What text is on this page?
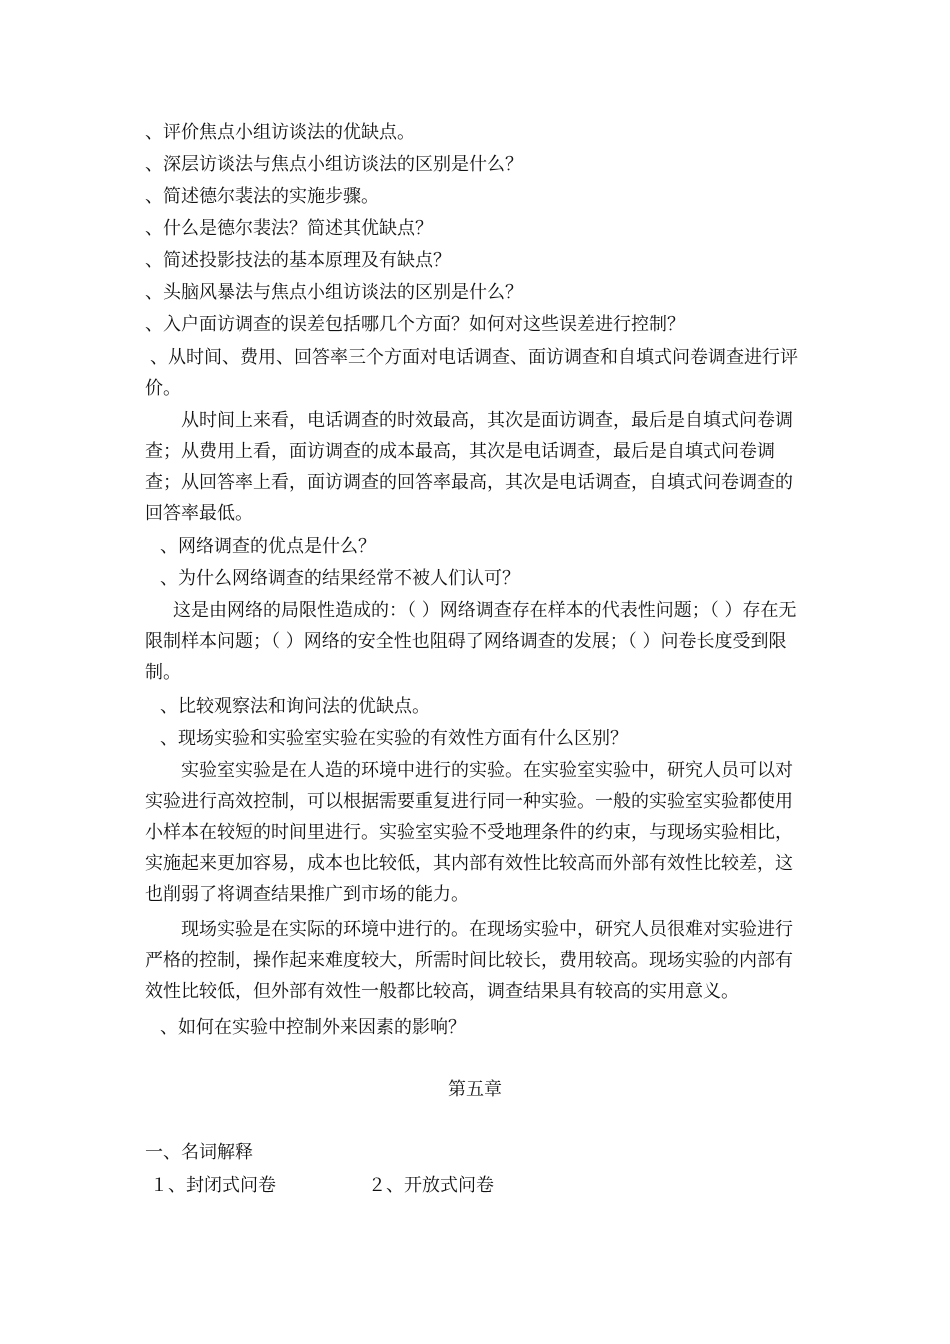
、评价焦点小组访谈法的优缺点。
、深层访谈法与焦点小组访谈法的区别是什么？
、简述德尔裴法的实施步骤。
、什么是德尔裴法？简述其优缺点？
、简述投影技法的基本原理及有缺点？
、头脑风暴法与焦点小组访谈法的区别是什么？
、入户面访调查的误差包括哪几个方面？如何对这些误差进行控制？
、从时间、费用、回答率三个方面对电话调查、面访调查和自填式问卷调查进行评价。
从时间上来看，电话调查的时效最高，其次是面访调查，最后是自填式问卷调查；从费用上看，面访调查的成本最高，其次是电话调查，最后是自填式问卷调查；从回答率上看，面访调查的回答率最高，其次是电话调查，自填式问卷调查的回答率最低。
、网络调查的优点是什么？
、为什么网络调查的结果经常不被人们认可？
这是由网络的局限性造成的：（ ）网络调查存在样本的代表性问题；（ ）存在无限制样本问题；（ ）网络的安全性也阻碍了网络调查的发展；（ ）问卷长度受到限制。
、比较观察法和询问法的优缺点。
、现场实验和实验室实验在实验的有效性方面有什么区别？
实验室实验是在人造的环境中进行的实验。在实验室实验中，研究人员可以对实验进行高效控制，可以根据需要重复进行同一种实验。一般的实验室实验都使用小样本在较短的时间里进行。实验室实验不受地理条件的约束，与现场实验相比，实施起来更加容易，成本也比较低，其内部有效性比较高而外部有效性比较差，这也削弱了将调查结果推广到市场的能力。
现场实验是在实际的环境中进行的。在现场实验中，研究人员很难对实验进行严格的控制，操作起来难度较大，所需时间比较长，费用较高。现场实验的内部有效性比较低，但外部有效性一般都比较高，调查结果具有较高的实用意义。
、如何在实验中控制外来因素的影响？
第五章
一、名词解释
１、封闭式问卷	２、开放式问卷
